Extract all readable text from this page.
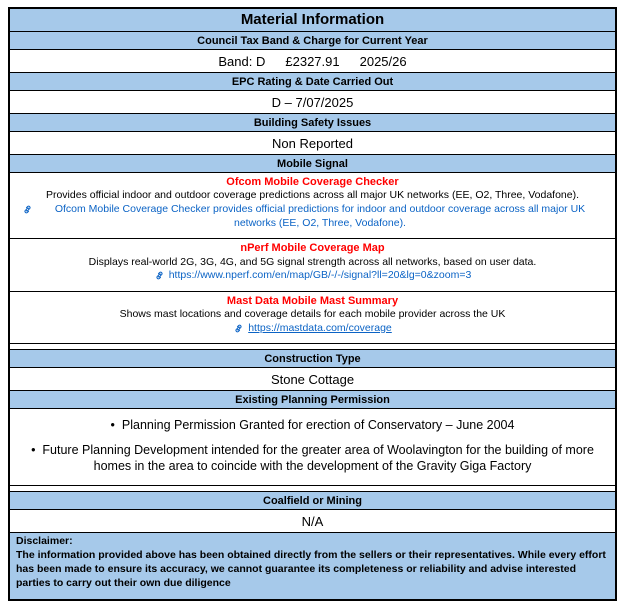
Material Information
Council Tax Band & Charge for Current Year
Band: D £2327.91 2025/26
EPC Rating & Date Carried Out
D – 7/07/2025
Building Safety Issues
Non Reported
Mobile Signal
Ofcom Mobile Coverage Checker
Provides official indoor and outdoor coverage predictions across all major UK networks (EE, O2, Three, Vodafone).
Ofcom Mobile Coverage Checker provides official predictions for indoor and outdoor coverage across all major UK networks (EE, O2, Three, Vodafone).
nPerf Mobile Coverage Map
Displays real-world 2G, 3G, 4G, and 5G signal strength across all networks, based on user data.
https://www.nperf.com/en/map/GB/-/-/signal?ll=20&lg=0&zoom=3
Mast Data Mobile Mast Summary
Shows mast locations and coverage details for each mobile provider across the UK
https://mastdata.com/coverage
Construction Type
Stone Cottage
Existing Planning Permission
•  Planning Permission Granted for erection of Conservatory – June 2004
•  Future Planning Development intended for the greater area of Woolavington for the building of more homes in the area to coincide with the development of the Gravity Giga Factory
Coalfield or Mining
N/A
Disclaimer:
The information provided above has been obtained directly from the sellers or their representatives. While every effort has been made to ensure its accuracy, we cannot guarantee its completeness or reliability and advise interested parties to carry out their own due diligence
